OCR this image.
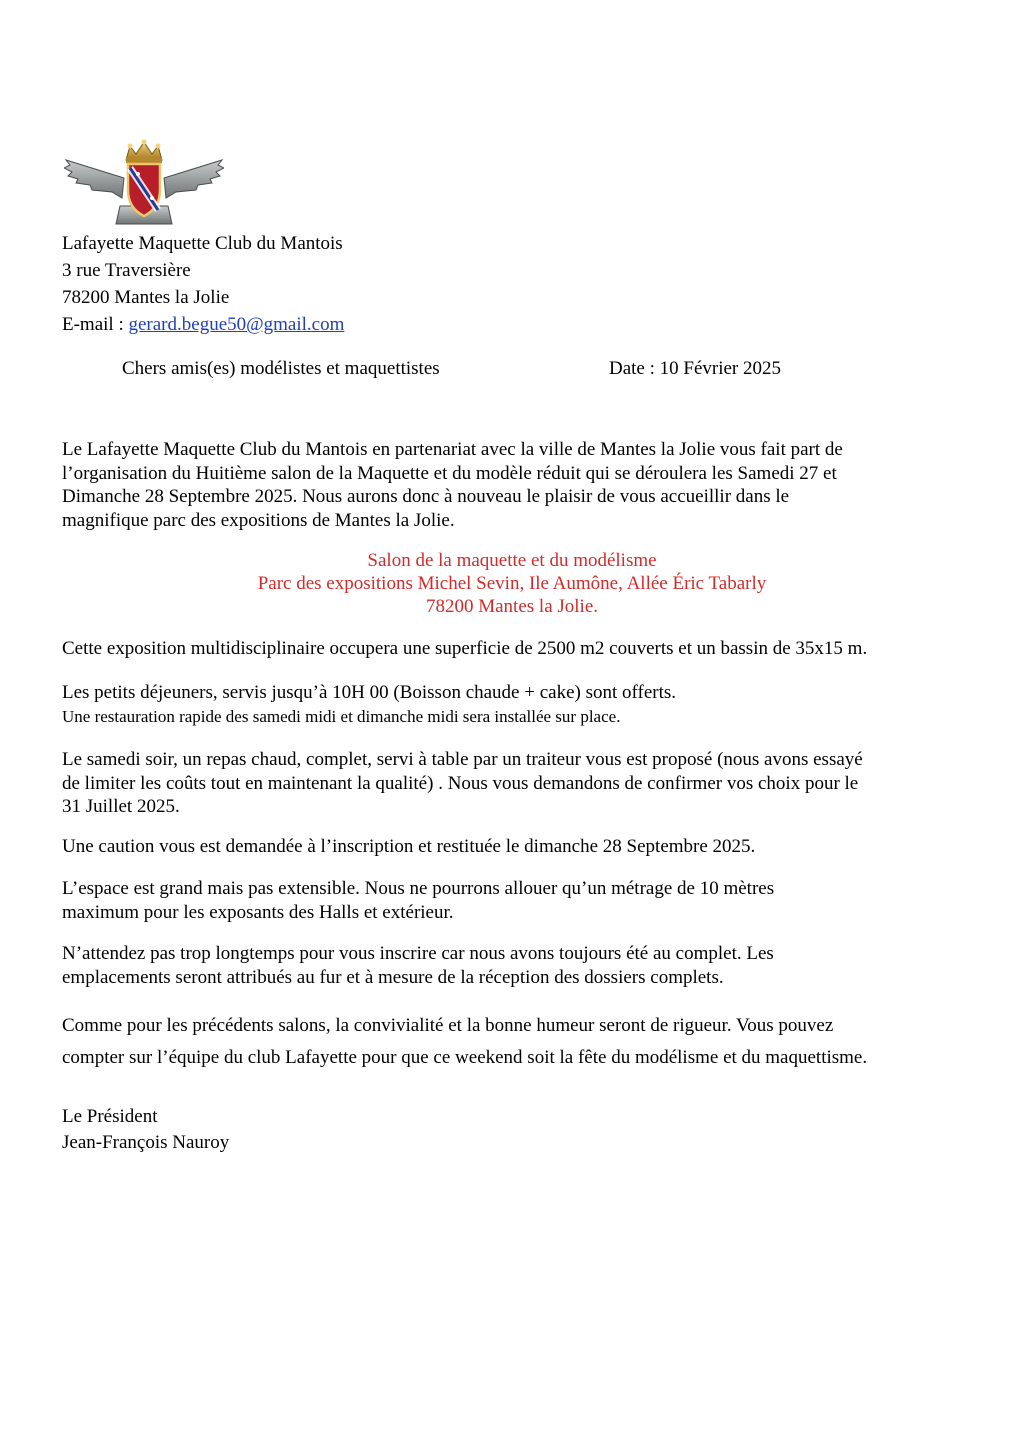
Lafayette Maquette Club du Mantois
3 rue Traversière
78200 Mantes la Jolie
E-mail : gerard.begue50@gmail.com
Chers amis(es) modélistes et maquettistes	Date : 10 Février 2025
Le Lafayette Maquette Club du Mantois en partenariat avec la ville de Mantes la Jolie vous fait part de
l’organisation du Huitième salon de la Maquette et du modèle réduit qui se déroulera les Samedi 27 et
Dimanche 28 Septembre 2025. Nous aurons donc à nouveau le plaisir de vous accueillir dans le
magnifique parc des expositions de Mantes la Jolie.
Salon de la maquette et du modélisme
Parc des expositions Michel Sevin, Ile Aumône, Allée Éric Tabarly
78200 Mantes la Jolie.
Cette exposition multidisciplinaire occupera une superficie de 2500 m2 couverts et un bassin de 35x15 m.
Les petits déjeuners, servis jusqu’à 10H 00 (Boisson chaude + cake) sont offerts.
Une restauration rapide des samedi midi et dimanche midi sera installée sur place.
Le samedi soir, un repas chaud, complet, servi à table par un traiteur vous est proposé (nous avons essayé
de limiter les coûts tout en maintenant la qualité) . Nous vous demandons de confirmer vos choix pour le
31 Juillet 2025.
Une caution vous est demandée à l’inscription et restituée le dimanche 28 Septembre 2025.
L’espace est grand mais pas extensible. Nous ne pourrons allouer qu’un métrage de 10 mètres
maximum pour les exposants des Halls et extérieur.
N’attendez pas trop longtemps pour vous inscrire car nous avons toujours été au complet. Les
emplacements seront attribués au fur et à mesure de la réception des dossiers complets.
Comme pour les précédents salons, la convivialité et la bonne humeur seront de rigueur. Vous pouvez
compter sur l’équipe du club Lafayette pour que ce weekend soit la fête du modélisme et du maquettisme.
Le Président
Jean-François Nauroy
